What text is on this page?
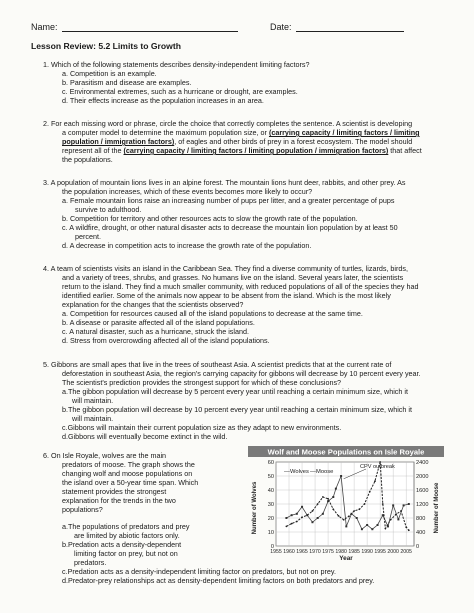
Name:	Date:
Lesson Review: 5.2 Limits to Growth
1. Which of the following statements describes density-independent limiting factors?
a. Competition is an example.
b. Parasitism and disease are examples.
c. Environmental extremes, such as a hurricane or drought, are examples.
d. Their effects increase as the population increases in an area.
2. For each missing word or phrase, circle the choice that correctly completes the sentence. A scientist is developing
a computer model to determine the maximum population size, or (carrying capacity / limiting factors / limiting
population / immigration factors), of eagles and other birds of prey in a forest ecosystem. The model should
represent all of the (carrying capacity / limiting factors / limiting population / immigration factors) that affect
the populations.
3. A population of mountain lions lives in an alpine forest. The mountain lions hunt deer, rabbits, and other prey. As
the population increases, which of these events becomes more likely to occur?
a. Female mountain lions raise an increasing number of pups per litter, and a greater percentage of pups
survive to adulthood.
b. Competition for territory and other resources acts to slow the growth rate of the population.
c. A wildfire, drought, or other natural disaster acts to decrease the mountain lion population by at least 50
percent.
d. A decrease in competition acts to increase the growth rate of the population.
4. A team of scientists visits an island in the Caribbean Sea. They find a diverse community of turtles, lizards, birds,
and a variety of trees, shrubs, and grasses. No humans live on the island. Several years later, the scientists
return to the island. They find a much smaller community, with reduced populations of all of the species they had
identified earlier. Some of the animals now appear to be absent from the island. Which is the most likely
explanation for the changes that the scientists observed?
a. Competition for resources caused all of the island populations to decrease at the same time.
b. A disease or parasite affected all of the island populations.
c. A natural disaster, such as a hurricane, struck the island.
d. Stress from overcrowding affected all of the island populations.
5. Gibbons are small apes that live in the trees of southeast Asia. A scientist predicts that at the current rate of
deforestation in southeast Asia, the region's carrying capacity for gibbons will decrease by 10 percent every year.
The scientist's prediction provides the strongest support for which of these conclusions?
a.The gibbon population will decrease by 5 percent every year until reaching a certain minimum size, which it
will maintain.
b.The gibbon population will decrease by 10 percent every year until reaching a certain minimum size, which it
will maintain.
c.Gibbons will maintain their current population size as they adapt to new environments.
d.Gibbons will eventually become extinct in the wild.
6. On Isle Royale, wolves are the main
predators of moose. The graph shows the
changing wolf and moose populations on
the island over a 50-year time span. Which
statement provides the strongest
explanation for the trends in the two
populations?
a.The populations of predators and prey
are limited by abiotic factors only.
b.Predation acts a density-dependent
limiting factor on prey, but not on
predators.
c.Predation acts as a density-independent limiting factor on predators, but not on prey.
d.Predator-prey relationships act as density-dependent limiting factors on both predators and prey.
Wolf and Moose Populations on Isle Royale
Number of Wolves	Number of Moose
Year
0
10
20
30
40
50
60
0
400
800
1200
1600
2000
2400
1955 1960 1965 1970 1975 1980 1985 1990 1995 2000 2005
— Wolves — Moose
CPV outbreak
